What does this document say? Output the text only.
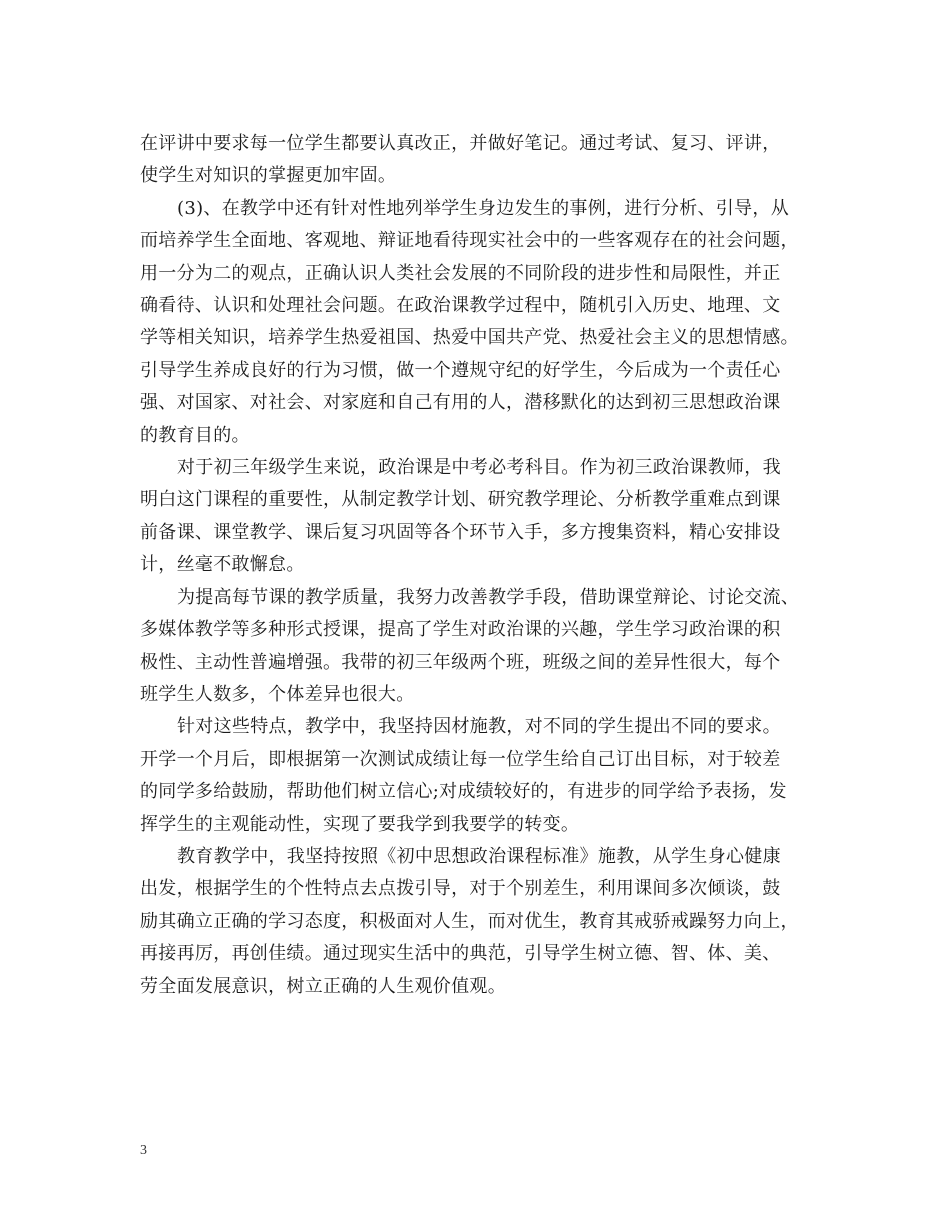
在评讲中要求每一位学生都要认真改正，并做好笔记。通过考试、复习、评讲，
使学生对知识的掌握更加牢固。

(3)、在教学中还有针对性地列举学生身边发生的事例，进行分析、引导，从
而培养学生全面地、客观地、辩证地看待现实社会中的一些客观存在的社会问题，
用一分为二的观点，正确认识人类社会发展的不同阶段的进步性和局限性，并正
确看待、认识和处理社会问题。在政治课教学过程中，随机引入历史、地理、文
学等相关知识，培养学生热爱祖国、热爱中国共产党、热爱社会主义的思想情感。
引导学生养成良好的行为习惯，做一个遵规守纪的好学生，今后成为一个责任心
强、对国家、对社会、对家庭和自己有用的人，潜移默化的达到初三思想政治课
的教育目的。

对于初三年级学生来说，政治课是中考必考科目。作为初三政治课教师，我
明白这门课程的重要性，从制定教学计划、研究教学理论、分析教学重难点到课
前备课、课堂教学、课后复习巩固等各个环节入手，多方搜集资料，精心安排设
计，丝毫不敢懈怠。

为提高每节课的教学质量，我努力改善教学手段，借助课堂辩论、讨论交流、
多媒体教学等多种形式授课，提高了学生对政治课的兴趣，学生学习政治课的积
极性、主动性普遍增强。我带的初三年级两个班，班级之间的差异性很大，每个
班学生人数多，个体差异也很大。

针对这些特点，教学中，我坚持因材施教，对不同的学生提出不同的要求。
开学一个月后，即根据第一次测试成绩让每一位学生给自己订出目标，对于较差
的同学多给鼓励，帮助他们树立信心;对成绩较好的，有进步的同学给予表扬，发
挥学生的主观能动性，实现了要我学到我要学的转变。

教育教学中，我坚持按照《初中思想政治课程标准》施教，从学生身心健康
出发，根据学生的个性特点去点拨引导，对于个别差生，利用课间多次倾谈，鼓
励其确立正确的学习态度，积极面对人生，而对优生，教育其戒骄戒躁努力向上，
再接再厉，再创佳绩。通过现实生活中的典范，引导学生树立德、智、体、美、
劳全面发展意识，树立正确的人生观价值观。

3
